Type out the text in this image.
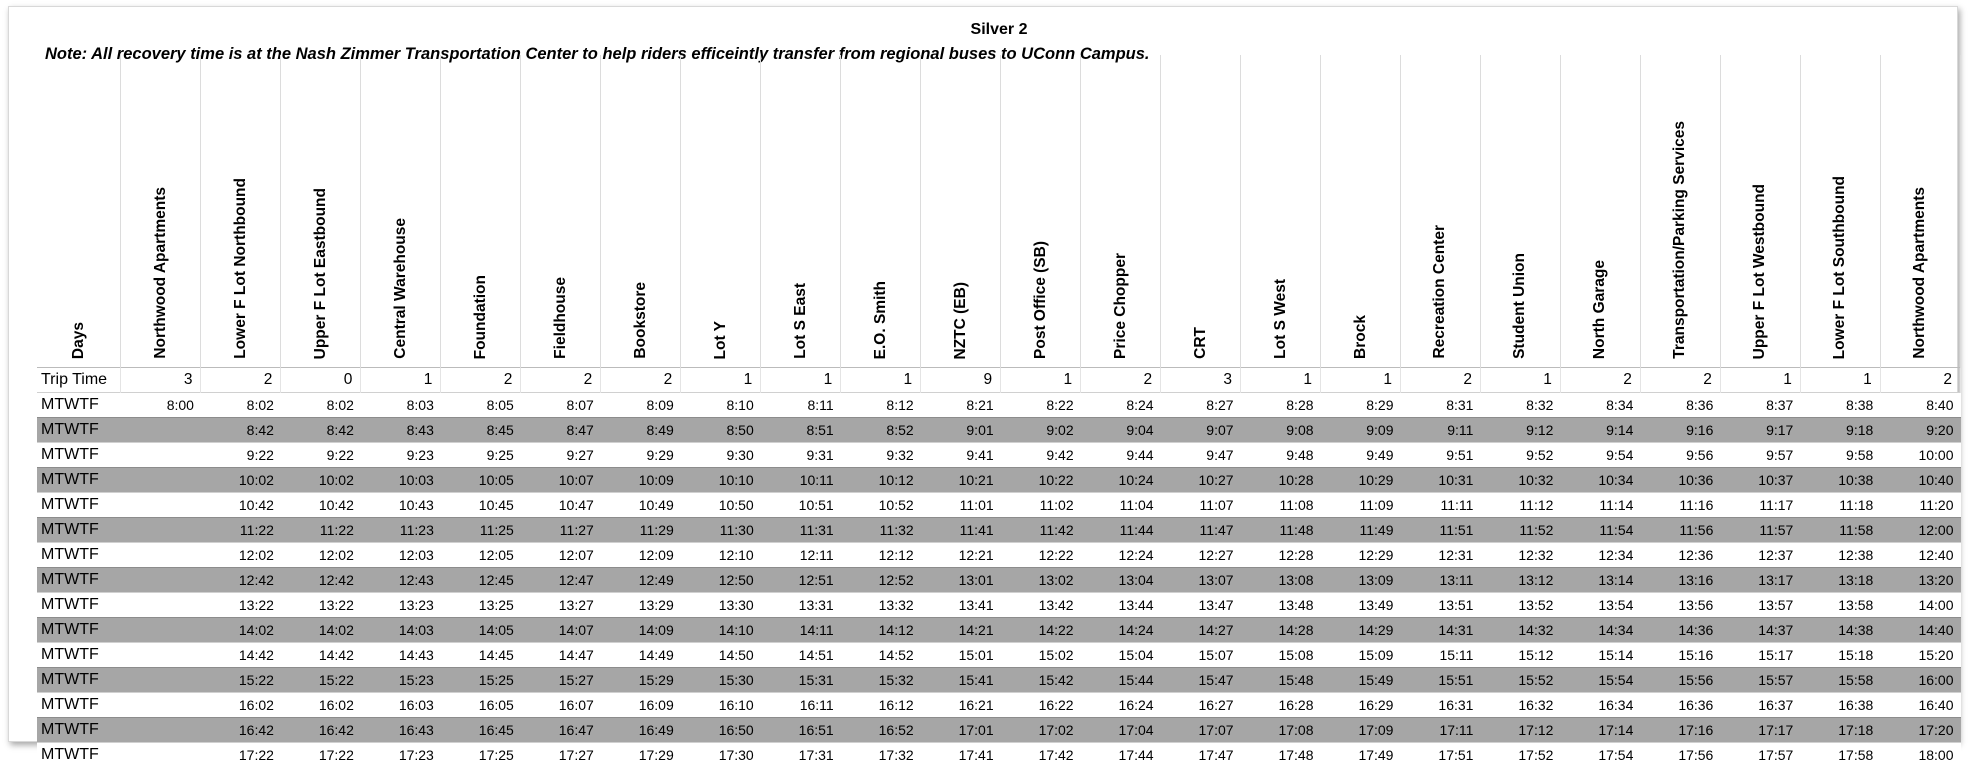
Silver 2
Note: All recovery time is at the Nash Zimmer Transportation Center to help riders efficeintly transfer from regional buses to UConn Campus.
Days	Northwood Apartments	Lower F Lot Northbound	Upper F Lot Eastbound	Central Warehouse	Foundation	Fieldhouse	Bookstore	Lot Y	Lot S East	E.O. Smith	NZTC (EB)	Post Office (SB)	Price Chopper	CRT	Lot S West	Brock	Recreation Center	Student Union	North Garage	Transportation/Parking Services	Upper F Lot Westbound	Lower F Lot Southbound	Northwood Apartments

Trip Time	3	2	0	1	2	2	2	1	1	1	9	1	2	3	1	1	2	1	2	2	1	1	2
MTWTF	8:00	8:02	8:02	8:03	8:05	8:07	8:09	8:10	8:11	8:12	8:21	8:22	8:24	8:27	8:28	8:29	8:31	8:32	8:34	8:36	8:37	8:38	8:40
MTWTF		8:42	8:42	8:43	8:45	8:47	8:49	8:50	8:51	8:52	9:01	9:02	9:04	9:07	9:08	9:09	9:11	9:12	9:14	9:16	9:17	9:18	9:20
MTWTF		9:22	9:22	9:23	9:25	9:27	9:29	9:30	9:31	9:32	9:41	9:42	9:44	9:47	9:48	9:49	9:51	9:52	9:54	9:56	9:57	9:58	10:00
MTWTF		10:02	10:02	10:03	10:05	10:07	10:09	10:10	10:11	10:12	10:21	10:22	10:24	10:27	10:28	10:29	10:31	10:32	10:34	10:36	10:37	10:38	10:40
MTWTF		10:42	10:42	10:43	10:45	10:47	10:49	10:50	10:51	10:52	11:01	11:02	11:04	11:07	11:08	11:09	11:11	11:12	11:14	11:16	11:17	11:18	11:20
MTWTF		11:22	11:22	11:23	11:25	11:27	11:29	11:30	11:31	11:32	11:41	11:42	11:44	11:47	11:48	11:49	11:51	11:52	11:54	11:56	11:57	11:58	12:00
MTWTF		12:02	12:02	12:03	12:05	12:07	12:09	12:10	12:11	12:12	12:21	12:22	12:24	12:27	12:28	12:29	12:31	12:32	12:34	12:36	12:37	12:38	12:40
MTWTF		12:42	12:42	12:43	12:45	12:47	12:49	12:50	12:51	12:52	13:01	13:02	13:04	13:07	13:08	13:09	13:11	13:12	13:14	13:16	13:17	13:18	13:20
MTWTF		13:22	13:22	13:23	13:25	13:27	13:29	13:30	13:31	13:32	13:41	13:42	13:44	13:47	13:48	13:49	13:51	13:52	13:54	13:56	13:57	13:58	14:00
MTWTF		14:02	14:02	14:03	14:05	14:07	14:09	14:10	14:11	14:12	14:21	14:22	14:24	14:27	14:28	14:29	14:31	14:32	14:34	14:36	14:37	14:38	14:40
MTWTF		14:42	14:42	14:43	14:45	14:47	14:49	14:50	14:51	14:52	15:01	15:02	15:04	15:07	15:08	15:09	15:11	15:12	15:14	15:16	15:17	15:18	15:20
MTWTF		15:22	15:22	15:23	15:25	15:27	15:29	15:30	15:31	15:32	15:41	15:42	15:44	15:47	15:48	15:49	15:51	15:52	15:54	15:56	15:57	15:58	16:00
MTWTF		16:02	16:02	16:03	16:05	16:07	16:09	16:10	16:11	16:12	16:21	16:22	16:24	16:27	16:28	16:29	16:31	16:32	16:34	16:36	16:37	16:38	16:40
MTWTF		16:42	16:42	16:43	16:45	16:47	16:49	16:50	16:51	16:52	17:01	17:02	17:04	17:07	17:08	17:09	17:11	17:12	17:14	17:16	17:17	17:18	17:20
MTWTF		17:22	17:22	17:23	17:25	17:27	17:29	17:30	17:31	17:32	17:41	17:42	17:44	17:47	17:48	17:49	17:51	17:52	17:54	17:56	17:57	17:58	18:00
